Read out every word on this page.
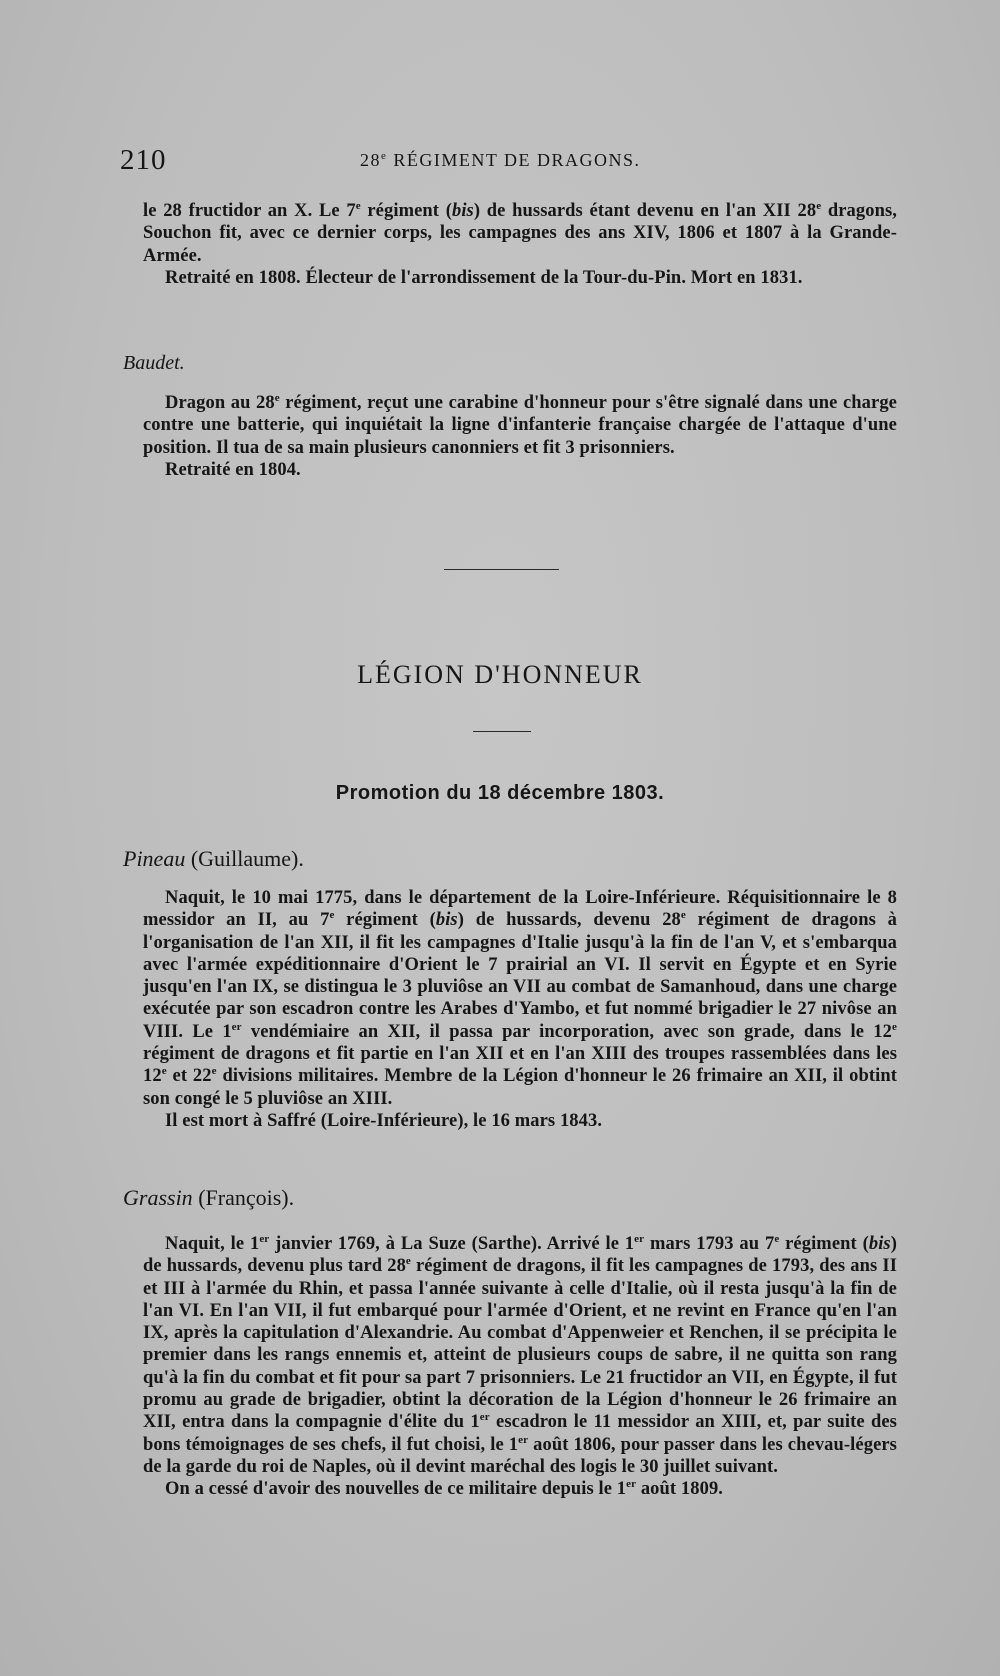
210	28e RÉGIMENT DE DRAGONS.

le 28 fructidor an X. Le 7e régiment (bis) de hussards étant devenu en l'an XII 28e dragons, Souchon fit, avec ce dernier corps, les campagnes des ans XIV, 1806 et 1807 à la Grande-Armée.

Retraité en 1808. Électeur de l'arrondissement de la Tour-du-Pin. Mort en 1831.

Baudet.

Dragon au 28e régiment, reçut une carabine d'honneur pour s'être signalé dans une charge contre une batterie, qui inquiétait la ligne d'infanterie française chargée de l'attaque d'une position. Il tua de sa main plusieurs canonniers et fit 3 prisonniers.

Retraité en 1804.

LÉGION D'HONNEUR
Promotion du 18 décembre 1803.
Pineau (Guillaume).

Naquit, le 10 mai 1775, dans le département de la Loire-Inférieure. Réquisitionnaire le 8 messidor an II, au 7e régiment (bis) de hussards, devenu 28e régiment de dragons à l'organisation de l'an XII, il fit les campagnes d'Italie jusqu'à la fin de l'an V, et s'embarqua avec l'armée expéditionnaire d'Orient le 7 prairial an VI. Il servit en Égypte et en Syrie jusqu'en l'an IX, se distingua le 3 pluviôse an VII au combat de Samanhoud, dans une charge exécutée par son escadron contre les Arabes d'Yambo, et fut nommé brigadier le 27 nivôse an VIII. Le 1er vendémiaire an XII, il passa par incorporation, avec son grade, dans le 12e régiment de dragons et fit partie en l'an XII et en l'an XIII des troupes rassemblées dans les 12e et 22e divisions militaires. Membre de la Légion d'honneur le 26 frimaire an XII, il obtint son congé le 5 pluviôse an XIII.

Il est mort à Saffré (Loire-Inférieure), le 16 mars 1843.

Grassin (François).

Naquit, le 1er janvier 1769, à La Suze (Sarthe). Arrivé le 1er mars 1793 au 7e régiment (bis) de hussards, devenu plus tard 28e régiment de dragons, il fit les campagnes de 1793, des ans II et III à l'armée du Rhin, et passa l'année suivante à celle d'Italie, où il resta jusqu'à la fin de l'an VI. En l'an VII, il fut embarqué pour l'armée d'Orient, et ne revint en France qu'en l'an IX, après la capitulation d'Alexandrie. Au combat d'Appenweier et Renchen, il se précipita le premier dans les rangs ennemis et, atteint de plusieurs coups de sabre, il ne quitta son rang qu'à la fin du combat et fit pour sa part 7 prisonniers. Le 21 fructidor an VII, en Égypte, il fut promu au grade de brigadier, obtint la décoration de la Légion d'honneur le 26 frimaire an XII, entra dans la compagnie d'élite du 1er escadron le 11 messidor an XIII, et, par suite des bons témoignages de ses chefs, il fut choisi, le 1er août 1806, pour passer dans les chevau-légers de la garde du roi de Naples, où il devint maréchal des logis le 30 juillet suivant.

On a cessé d'avoir des nouvelles de ce militaire depuis le 1er août 1809.
